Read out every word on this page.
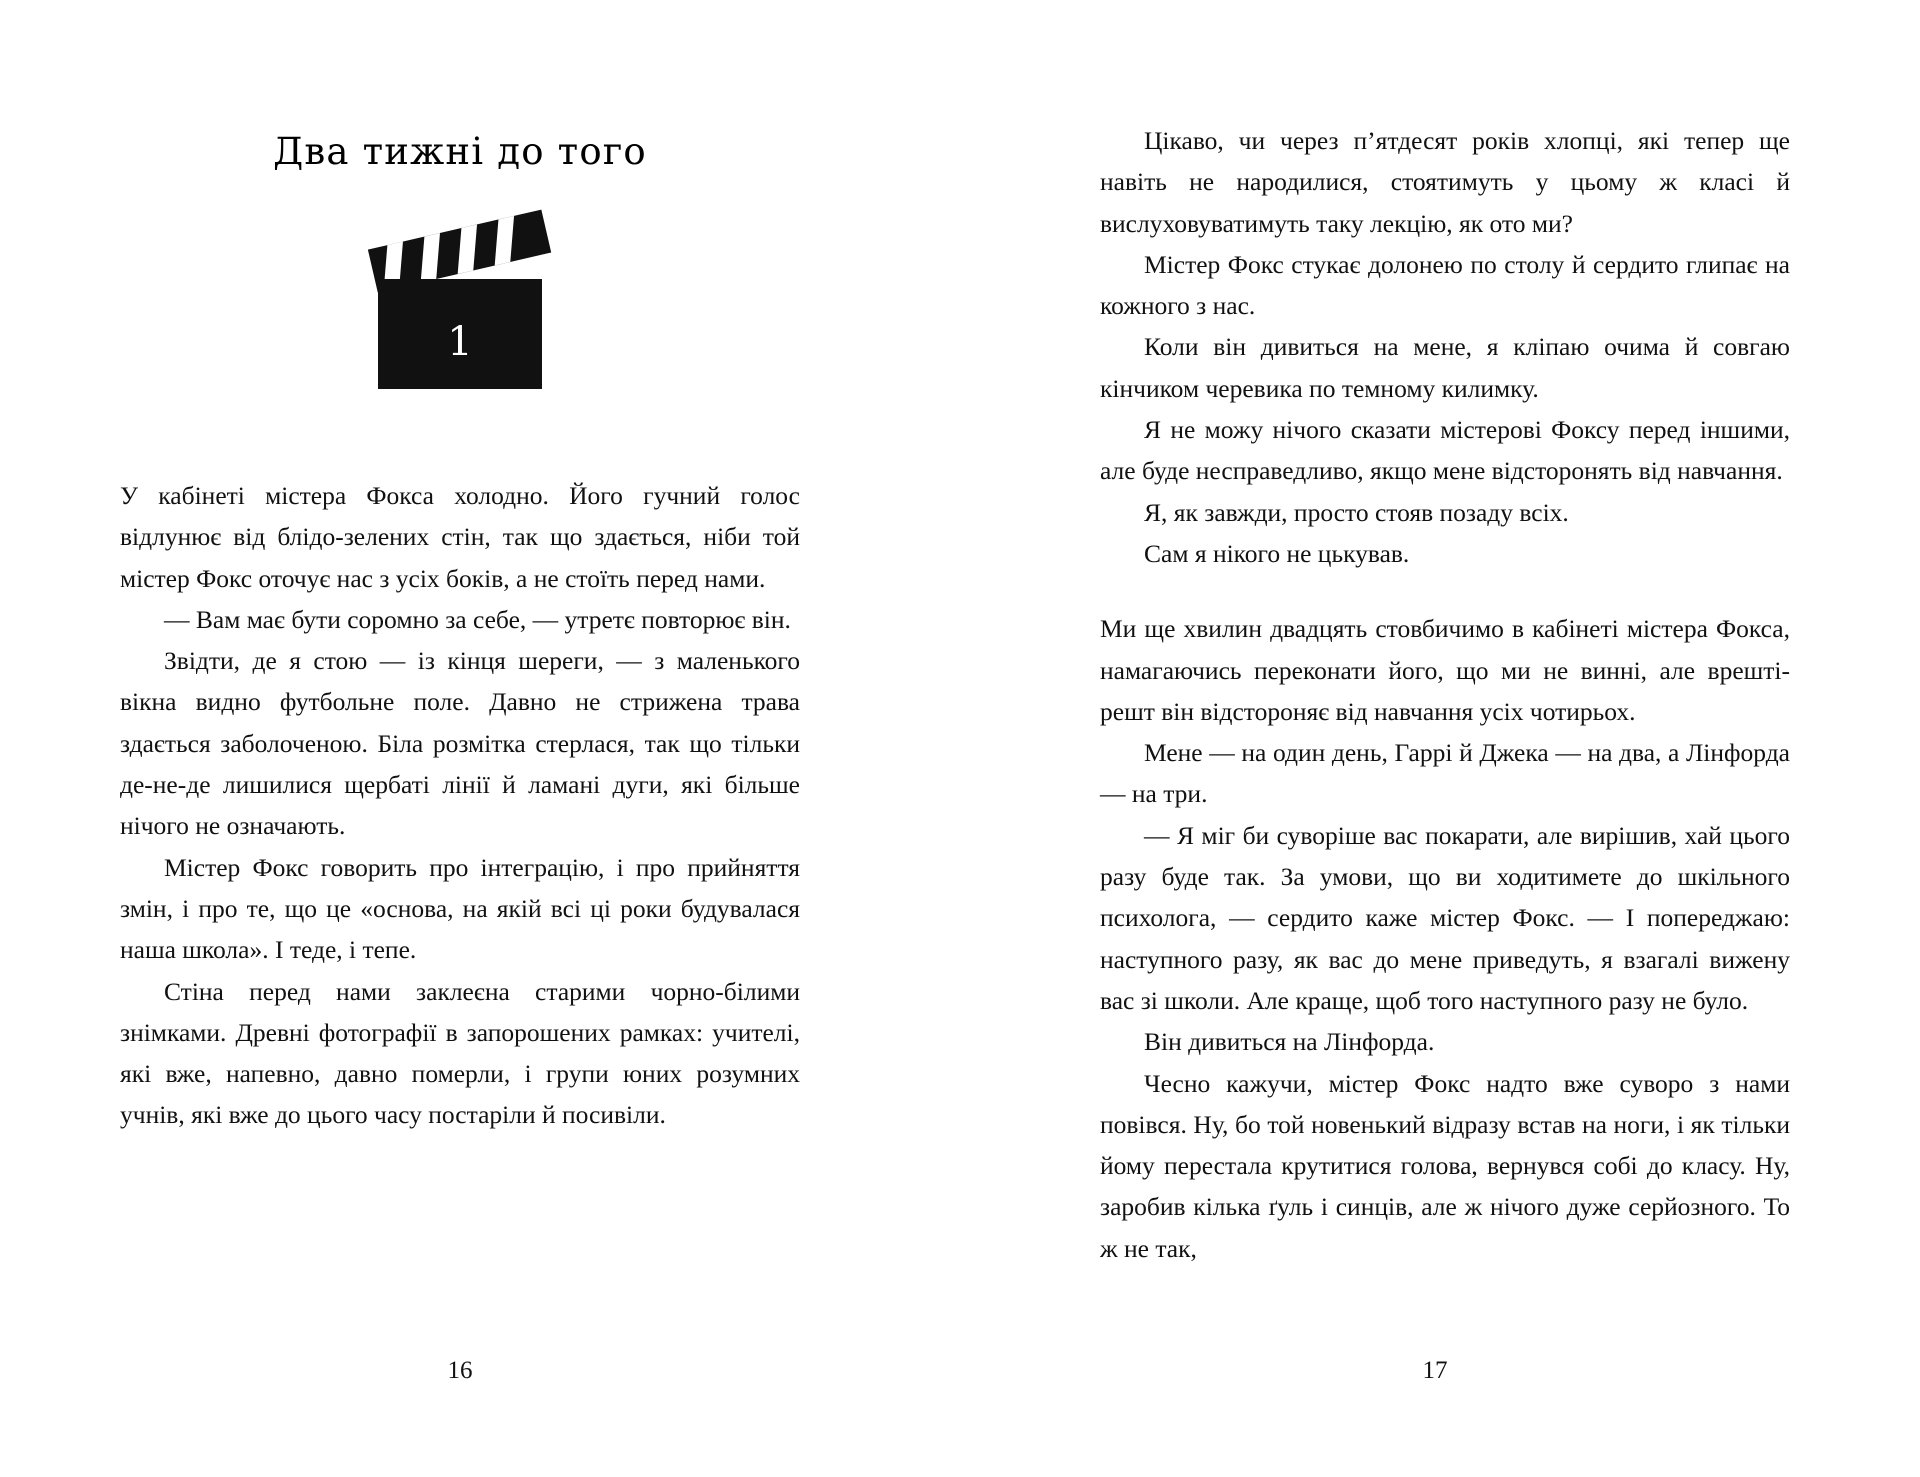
Два тижні до того
1

У кабінеті містера Фокса холодно. Його гучний голос відлунює від блідо-зелених стін, так що здається, ніби той містер Фокс оточує нас з усіх боків, а не стоїть перед нами.

— Вам має бути соромно за себе, — утретє повторює він.

Звідти, де я стою — із кінця шереги, — з маленького вікна видно футбольне поле. Давно не стрижена трава здається заболоченою. Біла розмітка стерлася, так що тільки де-не-де лишилися щербаті лінії й ламані дуги, які більше нічого не означають.

Містер Фокс говорить про інтеграцію, і про прийняття змін, і про те, що це «основа, на якій всі ці роки будувалася наша школа». І теде, і тепе.

Стіна перед нами заклеєна старими чорно-білими знімками. Древні фотографії в запорошених рамках: учителі, які вже, напевно, давно померли, і групи юних розумних учнів, які вже до цього часу постаріли й посивіли.

16

Цікаво, чи через п’ятдесят років хлопці, які тепер ще навіть не народилися, стоятимуть у цьому ж класі й вислуховуватимуть таку лекцію, як ото ми?

Містер Фокс стукає долонею по столу й сердито глипає на кожного з нас.

Коли він дивиться на мене, я кліпаю очима й совгаю кінчиком черевика по темному килимку.

Я не можу нічого сказати містерові Фоксу перед іншими, але буде несправедливо, якщо мене відсторонять від навчання.

Я, як завжди, просто стояв позаду всіх.

Сам я нікого не цькував.

Ми ще хвилин двадцять стовбичимо в кабінеті містера Фокса, намагаючись переконати його, що ми не винні, але врешті-решт він відстороняє від навчання усіх чотирьох.

Мене — на один день, Гаррі й Джека — на два, а Лінфорда — на три.

— Я міг би суворіше вас покарати, але вирішив, хай цього разу буде так. За умови, що ви ходитимете до шкільного психолога, — сердито каже містер Фокс. — І попереджаю: наступного разу, як вас до мене приведуть, я взагалі вижену вас зі школи. Але краще, щоб того наступного разу не було.

Він дивиться на Лінфорда.

Чесно кажучи, містер Фокс надто вже суворо з нами повівся. Ну, бо той новенький відразу встав на ноги, і як тільки йому перестала крутитися голова, вернувся собі до класу. Ну, заробив кілька ґуль і синців, але ж нічого дуже серйозного. То ж не так,

17
